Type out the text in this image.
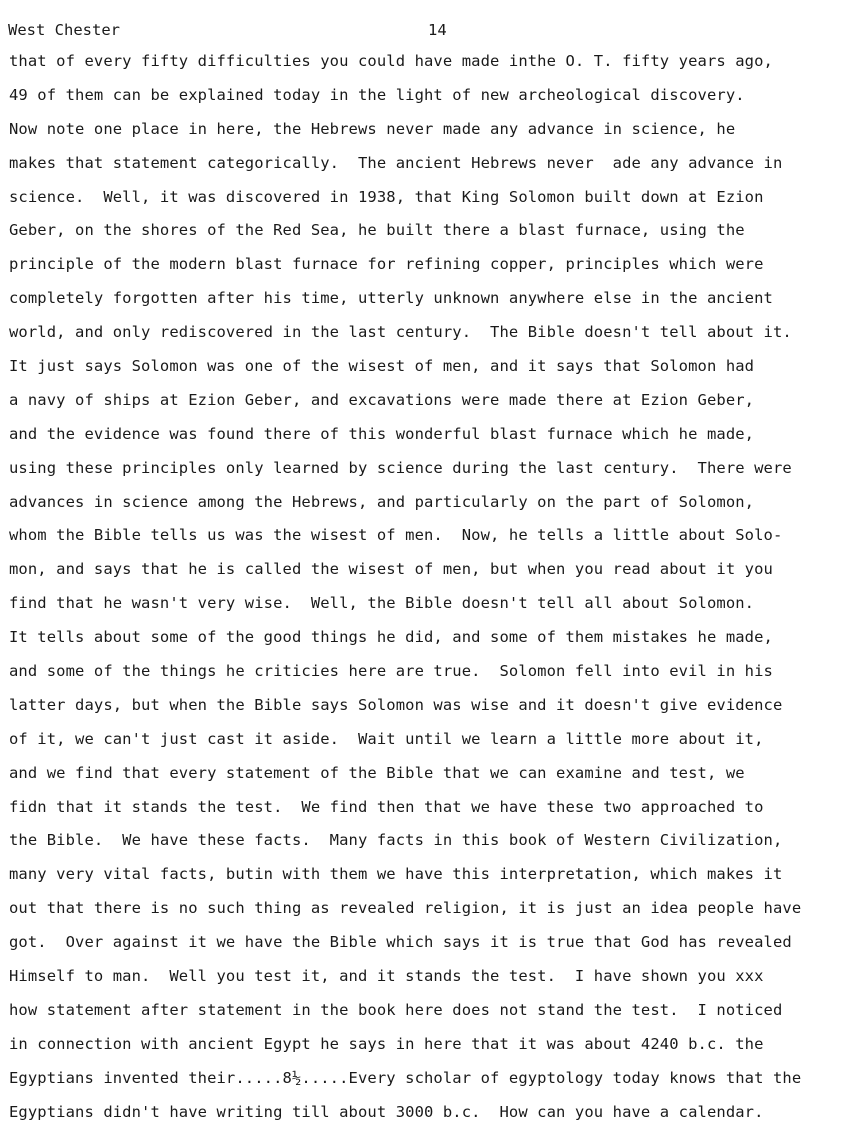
West Chester	14
that of every fifty difficulties you could have made inthe O. T. fifty years ago,
49 of them can be explained today in the light of new archeological discovery.
Now note one place in here, the Hebrews never made any advance in science, he
makes that statement categorically.  The ancient Hebrews never  ade any advance in
science.  Well, it was discovered in 1938, that King Solomon built down at Ezion
Geber, on the shores of the Red Sea, he built there a blast furnace, using the
principle of the modern blast furnace for refining copper, principles which were
completely forgotten after his time, utterly unknown anywhere else in the ancient
world, and only rediscovered in the last century.  The Bible doesn't tell about it.
It just says Solomon was one of the wisest of men, and it says that Solomon had
a navy of ships at Ezion Geber, and excavations were made there at Ezion Geber,
and the evidence was found there of this wonderful blast furnace which he made,
using these principles only learned by science during the last century.  There were
advances in science among the Hebrews, and particularly on the part of Solomon,
whom the Bible tells us was the wisest of men.  Now, he tells a little about Solo-
mon, and says that he is called the wisest of men, but when you read about it you
find that he wasn't very wise.  Well, the Bible doesn't tell all about Solomon.
It tells about some of the good things he did, and some of them mistakes he made,
and some of the things he criticies here are true.  Solomon fell into evil in his
latter days, but when the Bible says Solomon was wise and it doesn't give evidence
of it, we can't just cast it aside.  Wait until we learn a little more about it,
and we find that every statement of the Bible that we can examine and test, we
fidn that it stands the test.  We find then that we have these two approached to
the Bible.  We have these facts.  Many facts in this book of Western Civilization,
many very vital facts, butin with them we have this interpretation, which makes it
out that there is no such thing as revealed religion, it is just an idea people have
got.  Over against it we have the Bible which says it is true that God has revealed
Himself to man.  Well you test it, and it stands the test.  I have shown you xxx
how statement after statement in the book here does not stand the test.  I noticed
in connection with ancient Egypt he says in here that it was about 4240 b.c. the
Egyptians invented their.....8½.....Every scholar of egyptology today knows that the
Egyptians didn't have writing till about 3000 b.c.  How can you have a calendar.
